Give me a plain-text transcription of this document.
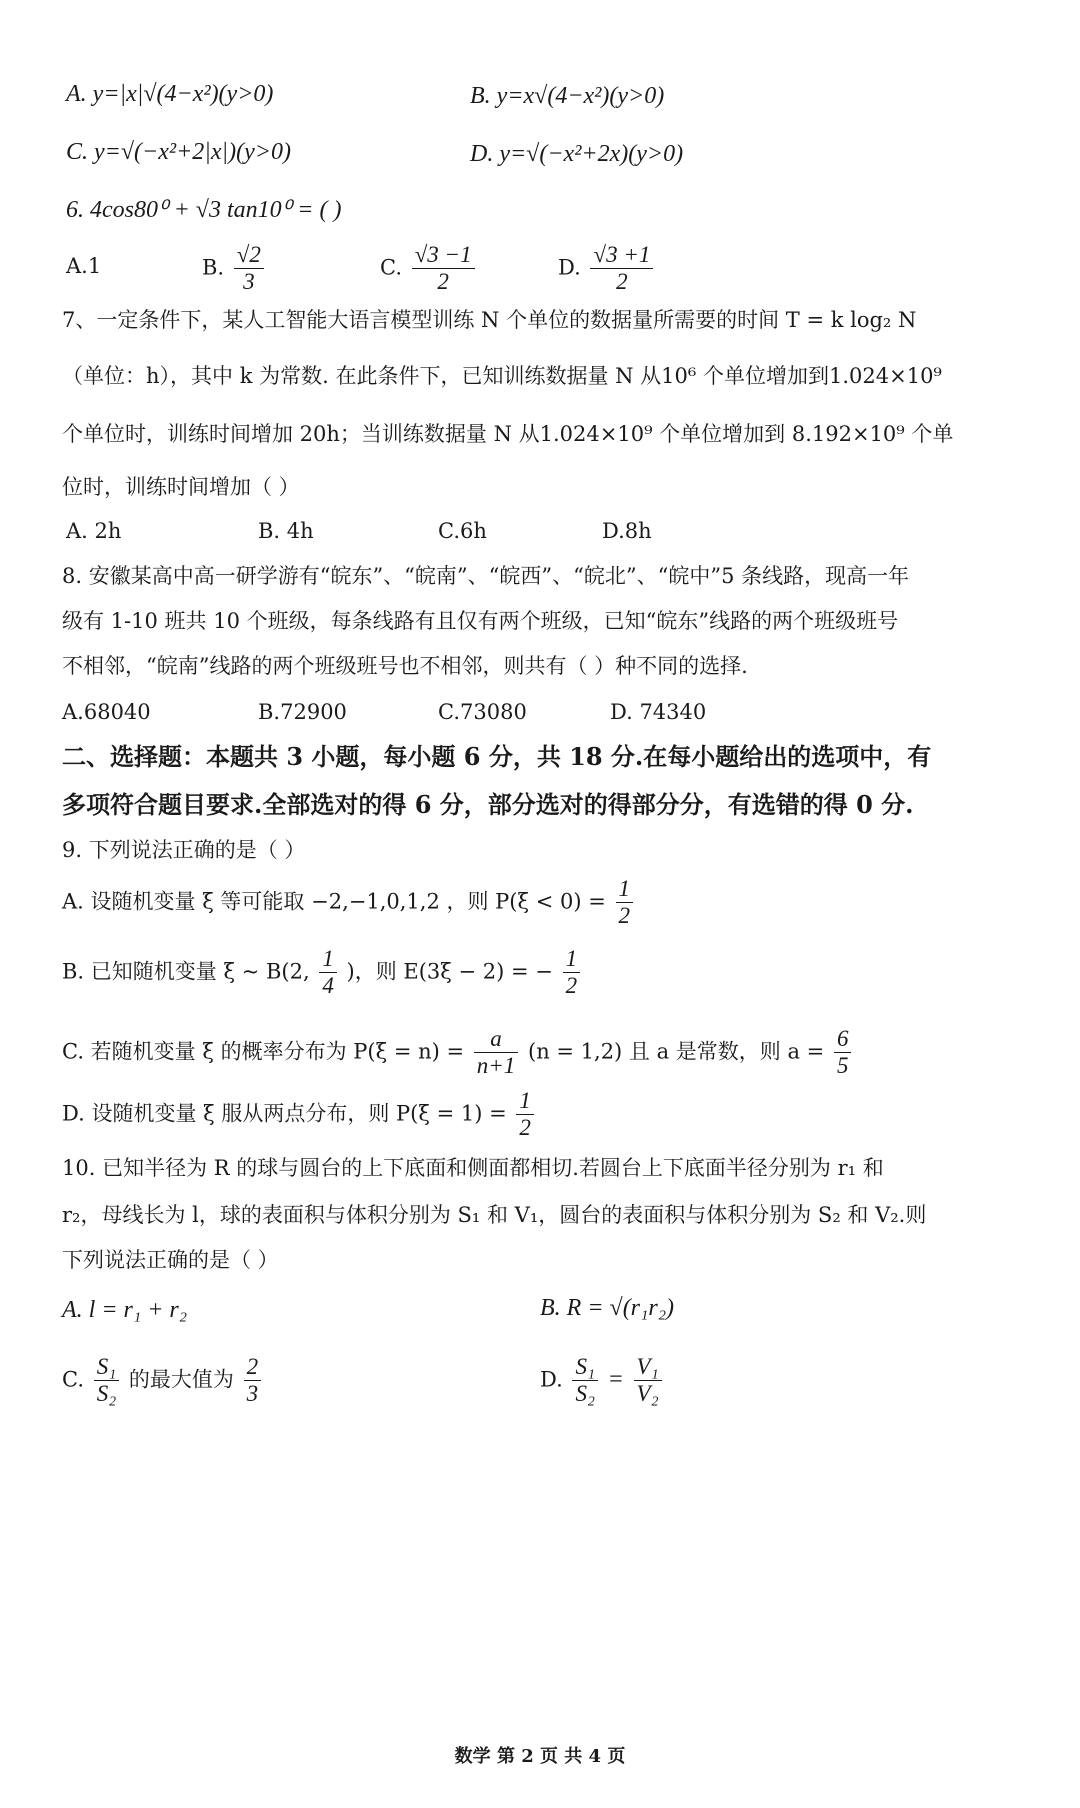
A. y=|x|√(4−x²)(y>0)	B. y=x√(4−x²)(y>0)
C. y=√(−x²+2|x|)(y>0)	D. y=√(−x²+2x)(y>0)
6. 4cos80⁰ + √3 tan10⁰ = ( )
A.1	B. $\frac{√2}{3}$	C. $\frac{√3 -1}{2}$	D. $\frac{√3 +1}{2}$
7、一定条件下，某人工智能大语言模型训练 N 个单位的数据量所需要的时间 T = k log₂ N
（单位：h），其中 k 为常数. 在此条件下，已知训练数据量 N 从10⁶ 个单位增加到1.024×10⁹
个单位时，训练时间增加 20h；当训练数据量 N 从1.024×10⁹ 个单位增加到 8.192×10⁹ 个单
位时，训练时间增加（ ）
A. 2h	B. 4h	C.6h	D.8h
8. 安徽某高中高一研学游有“皖东”、“皖南”、“皖西”、“皖北”、“皖中”5 条线路，现高一年
级有 1-10 班共 10 个班级，每条线路有且仅有两个班级，已知“皖东”线路的两个班级班号
不相邻，“皖南”线路的两个班级班号也不相邻，则共有（ ）种不同的选择.
A.68040	B.72900	C.73080	D. 74340
二、选择题：本题共 3 小题，每小题 6 分，共 18 分.在每小题给出的选项中，有
多项符合题目要求.全部选对的得 6 分，部分选对的得部分分，有选错的得 0 分.
9. 下列说法正确的是（ ）
A. 设随机变量 ξ 等可能取 −2,−1,0,1,2 ，则 $P(\xi < 0) = \frac{1}{2}$
B. 已知随机变量 ξ ~ B(2, $\frac{1}{4}$ )，则 E(3ξ − 2) = − $\frac{1}{2}$
C. 若随机变量 ξ 的概率分布为 $P(\xi = n) = \frac{a}{n+1} (n = 1,2)$ 且 a 是常数，则 $a = \frac{6}{5}$
D. 设随机变量 ξ 服从两点分布，则 $P(\xi = 1) = \frac{1}{2}$
10. 已知半径为 R 的球与圆台的上下底面和侧面都相切.若圆台上下底面半径分别为 r₁ 和
r₂，母线长为 l，球的表面积与体积分别为 S₁ 和 V₁，圆台的表面积与体积分别为 S₂ 和 V₂.则
下列说法正确的是（ ）
A. l = r₁ + r₂	B. R = √(r₁r₂)
C. $\frac{\text{S₁}}{\text{S₂}}$ 的最大值为 $\frac{2}{3}$	D. $\frac{\text{S₁}}{\text{S₂}} = \frac{\text{V₁}}{\text{V₂}}$
数学 第 2 页 共 4 页
